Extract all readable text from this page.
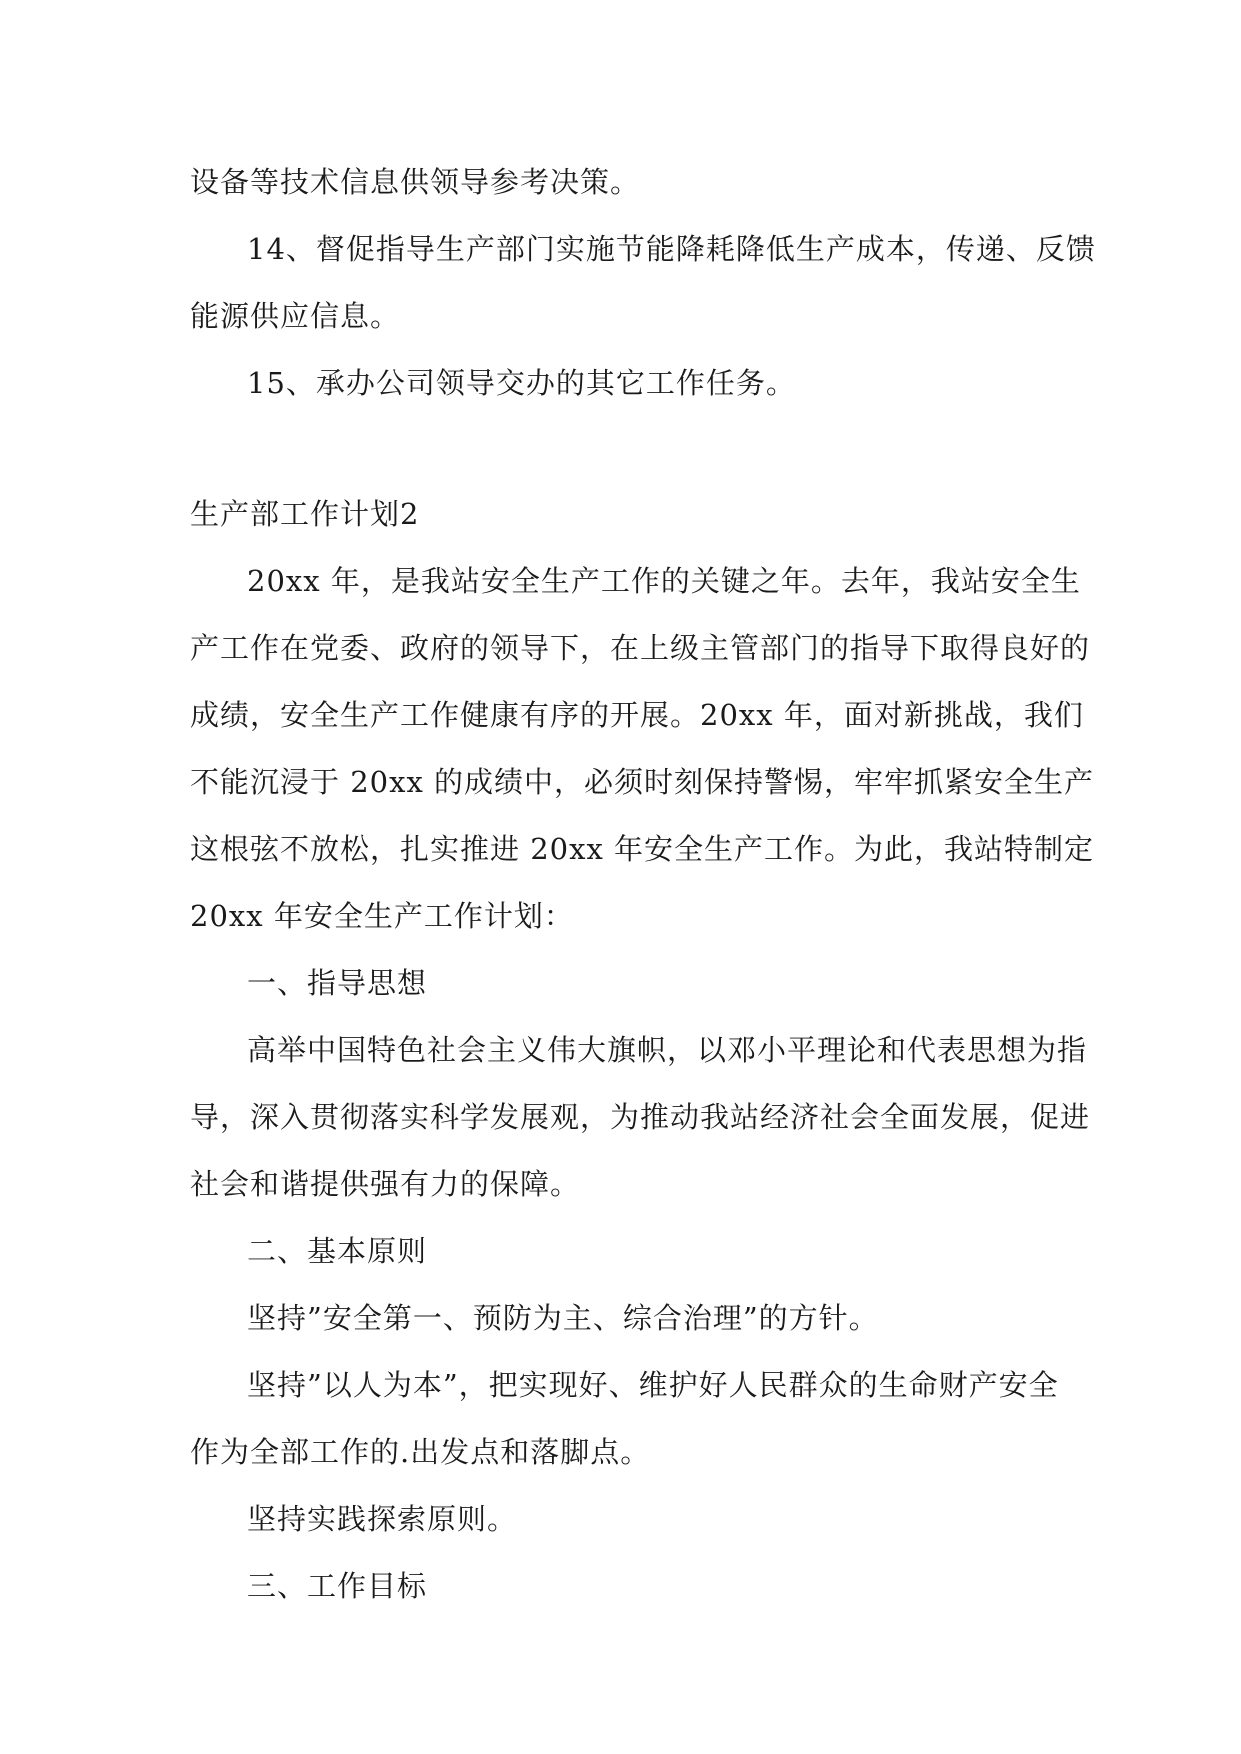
设备等技术信息供领导参考决策。
14、督促指导生产部门实施节能降耗降低生产成本，传递、反馈
能源供应信息。
15、承办公司领导交办的其它工作任务。
生产部工作计划2
20xx 年，是我站安全生产工作的关键之年。去年，我站安全生
产工作在党委、政府的领导下，在上级主管部门的指导下取得良好的
成绩，安全生产工作健康有序的开展。20xx 年，面对新挑战，我们
不能沉浸于 20xx 的成绩中，必须时刻保持警惕，牢牢抓紧安全生产
这根弦不放松，扎实推进 20xx 年安全生产工作。为此，我站特制定
20xx 年安全生产工作计划：
一、指导思想
高举中国特色社会主义伟大旗帜，以邓小平理论和代表思想为指
导，深入贯彻落实科学发展观，为推动我站经济社会全面发展，促进
社会和谐提供强有力的保障。
二、基本原则
坚持”安全第一、预防为主、综合治理”的方针。
坚持”以人为本”，把实现好、维护好人民群众的生命财产安全
作为全部工作的.出发点和落脚点。
坚持实践探索原则。
三、工作目标
